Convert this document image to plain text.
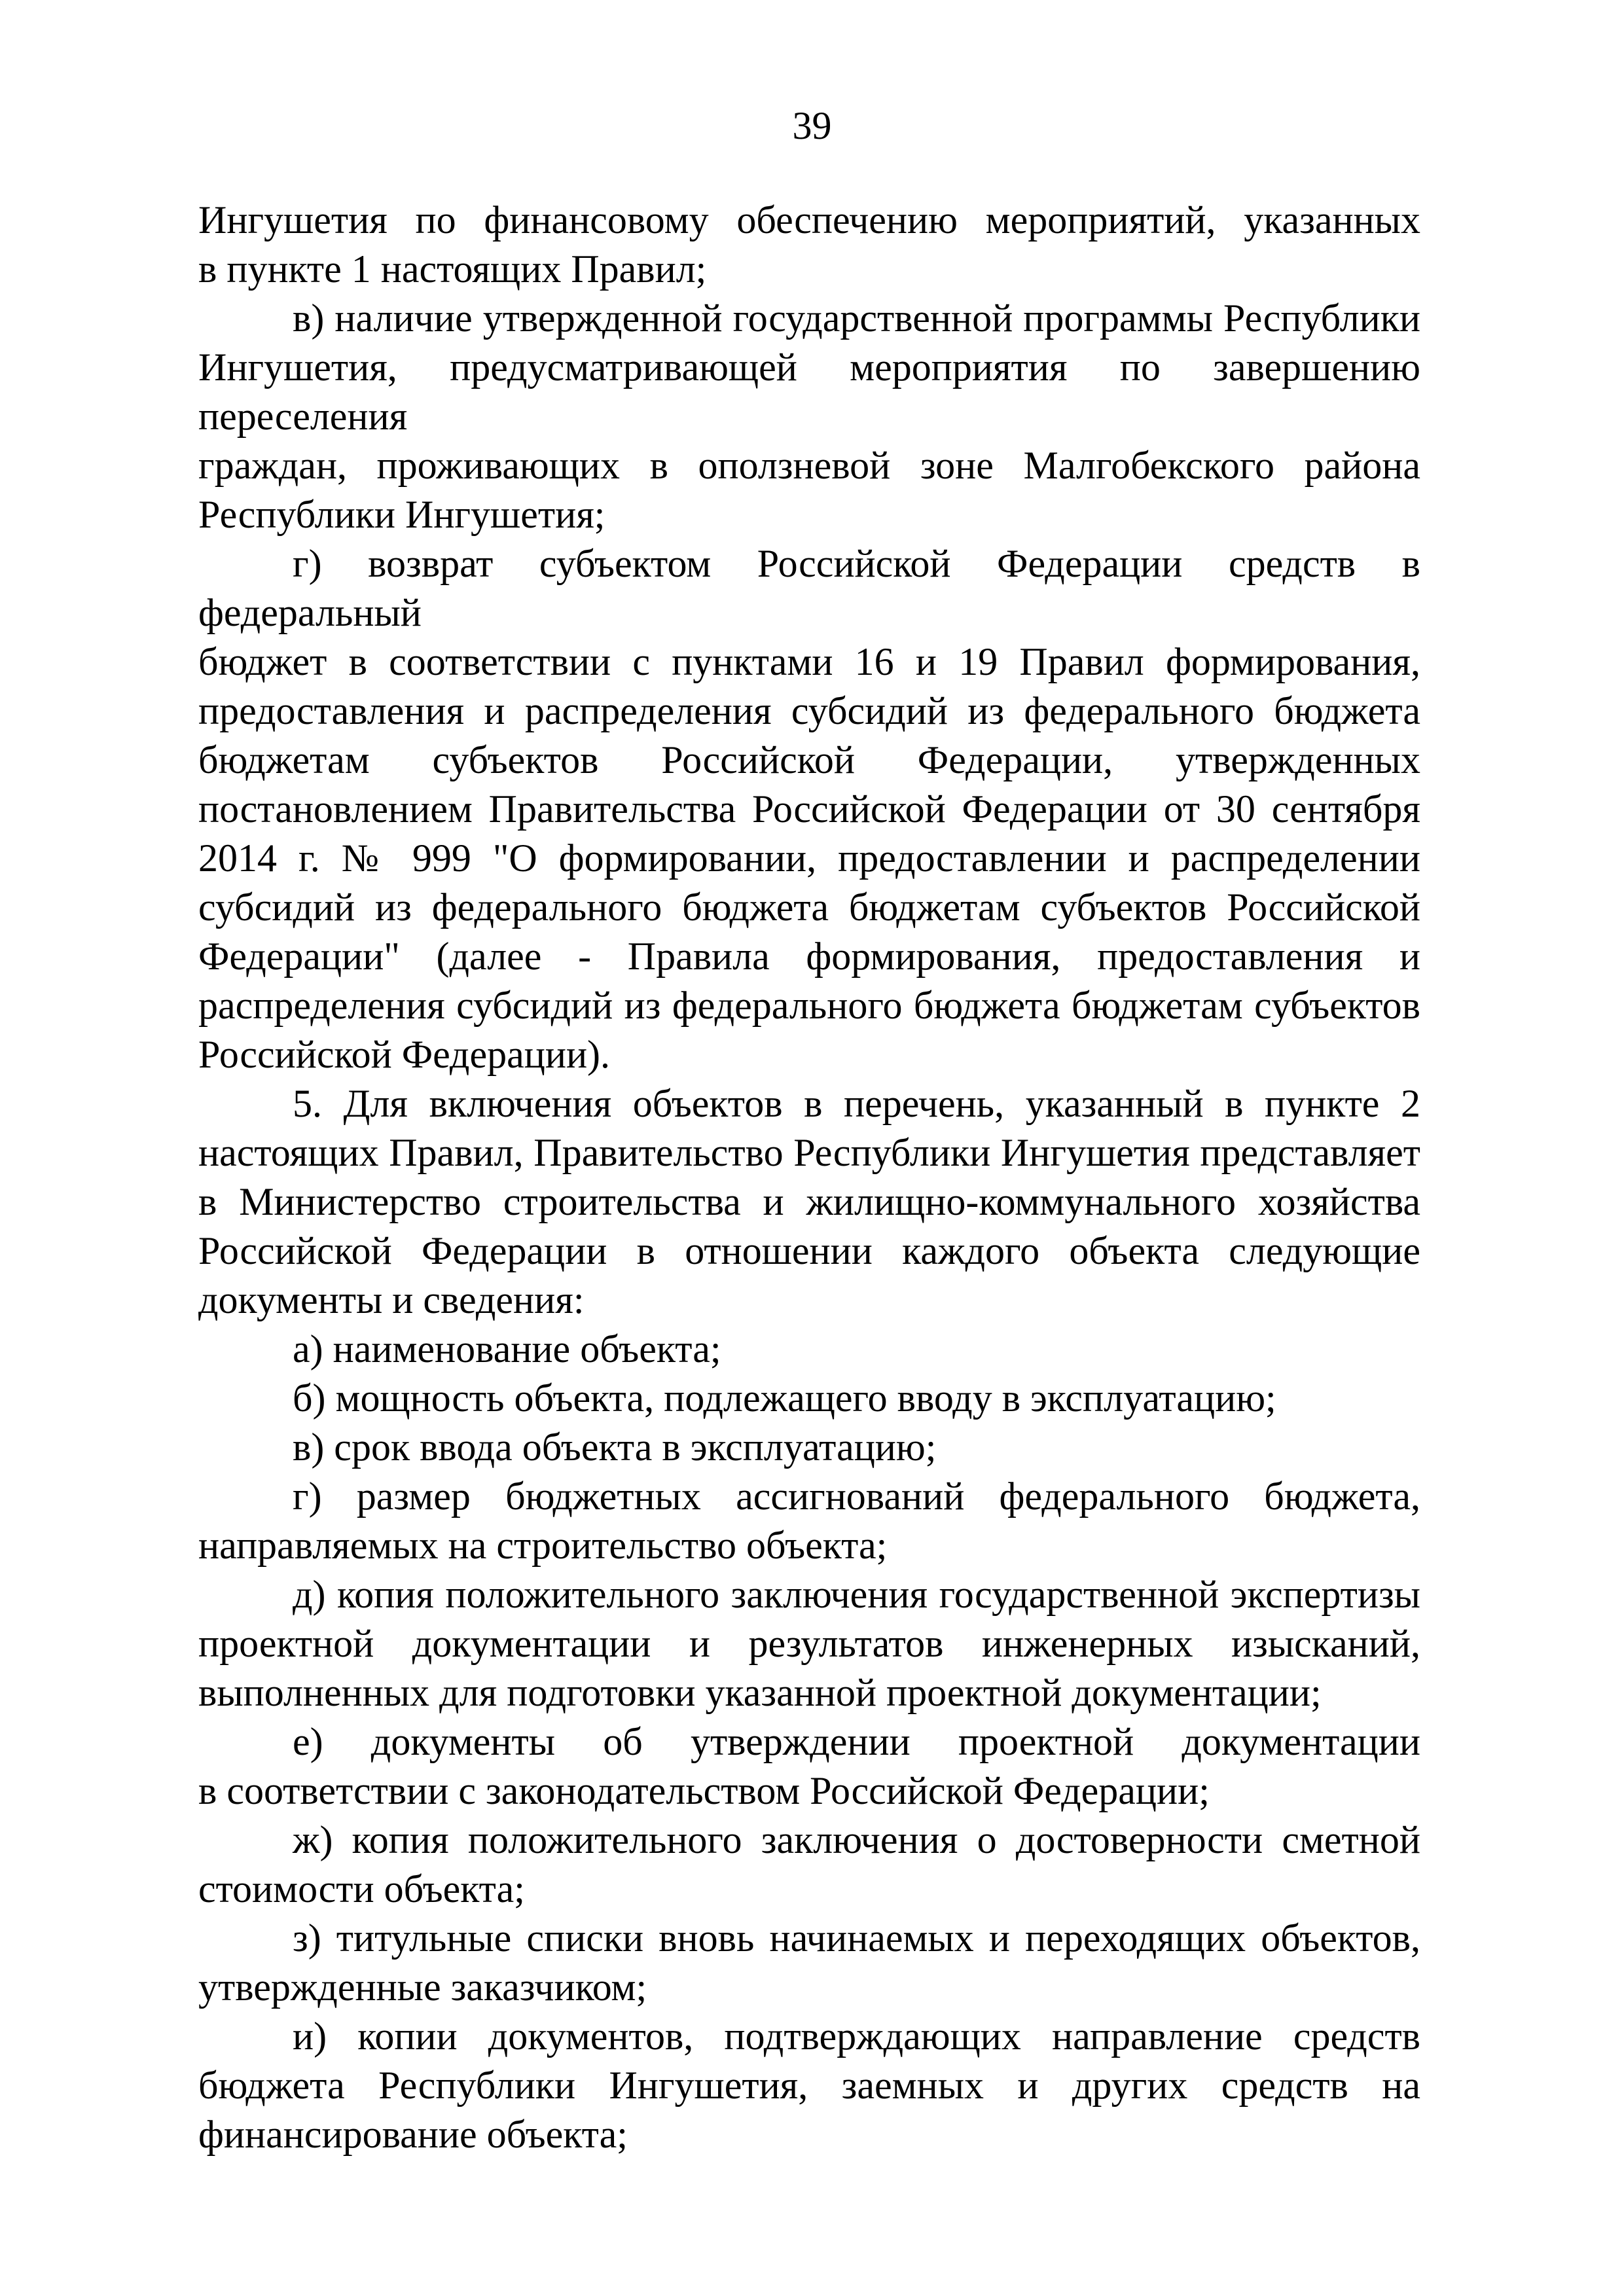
39
Ингушетия по финансовому обеспечению мероприятий, указанных
в пункте 1 настоящих Правил;
в) наличие утвержденной государственной программы Республики
Ингушетия, предусматривающей мероприятия по завершению переселения
граждан, проживающих в оползневой зоне Малгобекского района
Республики Ингушетия;
г) возврат субъектом Российской Федерации средств в федеральный
бюджет в соответствии с пунктами 16 и 19 Правил формирования,
предоставления и распределения субсидий из федерального бюджета
бюджетам субъектов Российской Федерации, утвержденных
постановлением Правительства Российской Федерации от 30 сентября
2014 г. № 999 "О формировании, предоставлении и распределении
субсидий из федерального бюджета бюджетам субъектов Российской
Федерации" (далее - Правила формирования, предоставления и
распределения субсидий из федерального бюджета бюджетам субъектов
Российской Федерации).
5. Для включения объектов в перечень, указанный в пункте 2
настоящих Правил, Правительство Республики Ингушетия представляет
в Министерство строительства и жилищно-коммунального хозяйства
Российской Федерации в отношении каждого объекта следующие
документы и сведения:
а) наименование объекта;
б) мощность объекта, подлежащего вводу в эксплуатацию;
в) срок ввода объекта в эксплуатацию;
г) размер бюджетных ассигнований федерального бюджета,
направляемых на строительство объекта;
д) копия положительного заключения государственной экспертизы
проектной документации и результатов инженерных изысканий,
выполненных для подготовки указанной проектной документации;
е) документы об утверждении проектной документации
в соответствии с законодательством Российской Федерации;
ж) копия положительного заключения о достоверности сметной
стоимости объекта;
з) титульные списки вновь начинаемых и переходящих объектов,
утвержденные заказчиком;
и) копии документов, подтверждающих направление средств
бюджета Республики Ингушетия, заемных и других средств на
финансирование объекта;
